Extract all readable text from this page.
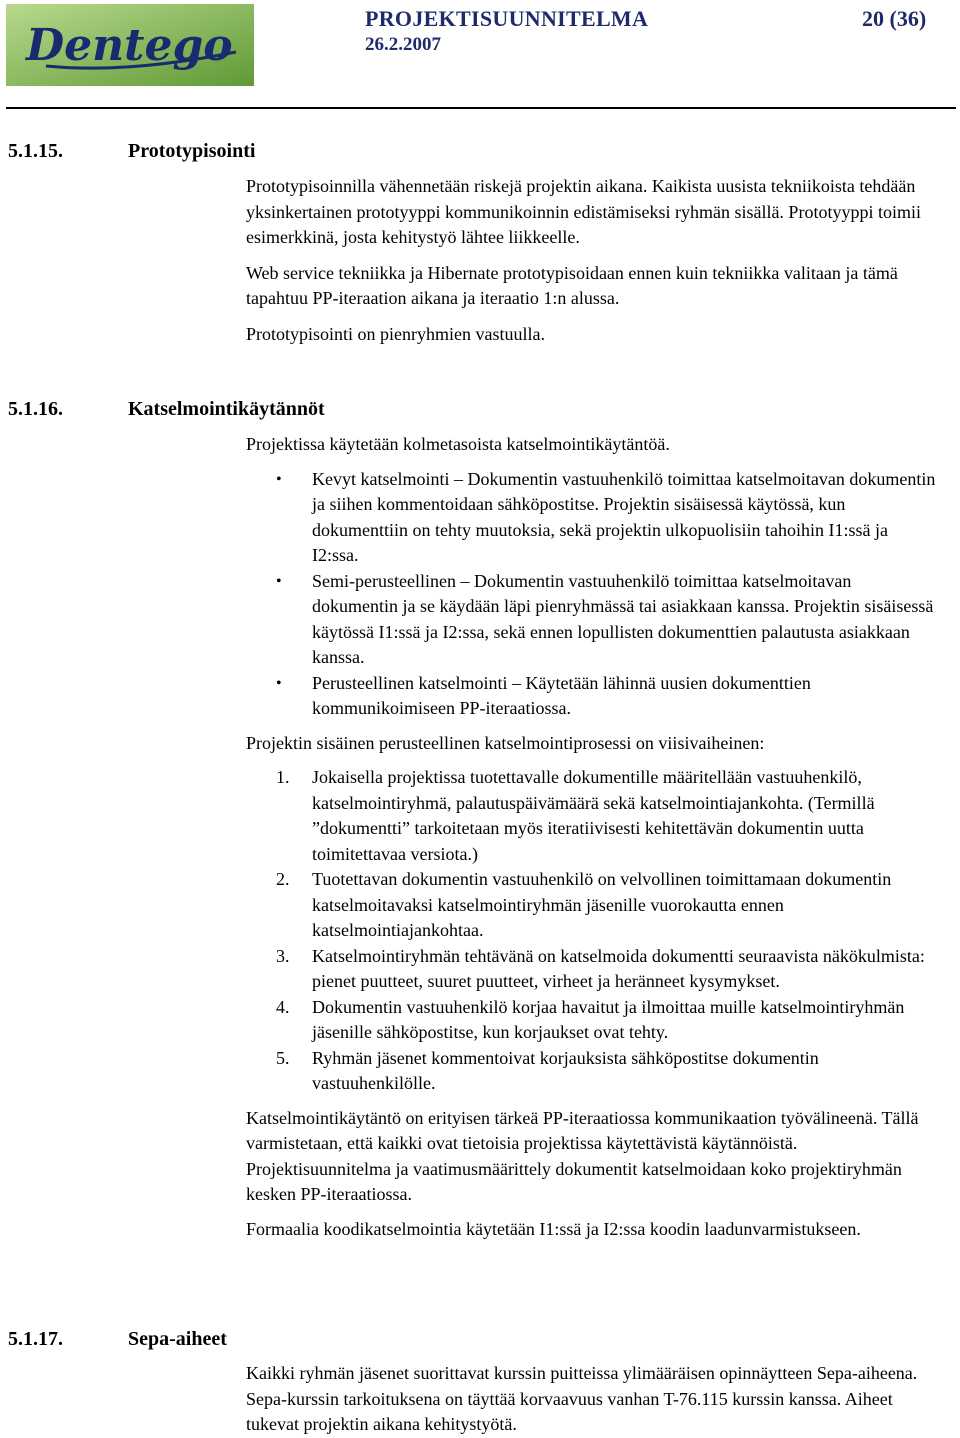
Dentego
PROJEKTISUUNNITELMA
26.2.2007
20 (36)
5.1.15.	Prototypisointi

Prototypisoinnilla vähennetään riskejä projektin aikana. Kaikista uusista tekniikoista tehdään yksinkertainen prototyyppi kommunikoinnin edistämiseksi ryhmän sisällä. Prototyyppi toimii esimerkkinä, josta kehitystyö lähtee liikkeelle.

Web service tekniikka ja Hibernate prototypisoidaan ennen kuin tekniikka valitaan ja tämä tapahtuu PP-iteraation aikana ja iteraatio 1:n alussa.

Prototypisointi on pienryhmien vastuulla.

5.1.16.	Katselmointikäytännöt

Projektissa käytetään kolmetasoista katselmointikäytäntöä.

• Kevyt katselmointi – Dokumentin vastuuhenkilö toimittaa katselmoitavan dokumentin ja siihen kommentoidaan sähköpostitse. Projektin sisäisessä käytössä, kun dokumenttiin on tehty muutoksia, sekä projektin ulkopuolisiin tahoihin I1:ssä ja I2:ssa.
• Semi-perusteellinen – Dokumentin vastuuhenkilö toimittaa katselmoitavan dokumentin ja se käydään läpi pienryhmässä tai asiakkaan kanssa. Projektin sisäisessä käytössä I1:ssä ja I2:ssa, sekä ennen lopullisten dokumenttien palautusta asiakkaan kanssa.
• Perusteellinen katselmointi – Käytetään lähinnä uusien dokumenttien kommunikoimiseen PP-iteraatiossa.

Projektin sisäinen perusteellinen katselmointiprosessi on viisivaiheinen:

1. Jokaisella projektissa tuotettavalle dokumentille määritellään vastuuhenkilö, katselmointiryhmä, palautuspäivämäärä sekä katselmointiajankohta. (Termillä ”dokumentti” tarkoitetaan myös iteratiivisesti kehitettävän dokumentin uutta toimitettavaa versiota.)
2. Tuotettavan dokumentin vastuuhenkilö on velvollinen toimittamaan dokumentin katselmoitavaksi katselmointiryhmän jäsenille vuorokautta ennen katselmointiajankohtaa.
3. Katselmointiryhmän tehtävänä on katselmoida dokumentti seuraavista näkökulmista: pienet puutteet, suuret puutteet, virheet ja heränneet kysymykset.
4. Dokumentin vastuuhenkilö korjaa havaitut ja ilmoittaa muille katselmointiryhmän jäsenille sähköpostitse, kun korjaukset ovat tehty.
5. Ryhmän jäsenet kommentoivat korjauksista sähköpostitse dokumentin vastuuhenkilölle.

Katselmointikäytäntö on erityisen tärkeä PP-iteraatiossa kommunikaation työvälineenä. Tällä varmistetaan, että kaikki ovat tietoisia projektissa käytettävistä käytännöistä. Projektisuunnitelma ja vaatimusmäärittely dokumentit katselmoidaan koko projektiryhmän kesken PP-iteraatiossa.

Formaalia koodikatselmointia käytetään I1:ssä ja I2:ssa koodin laadunvarmistukseen.

5.1.17.	Sepa-aiheet

Kaikki ryhmän jäsenet suorittavat kurssin puitteissa ylimääräisen opinnäytteen Sepa-aiheena. Sepa-kurssin tarkoituksena on täyttää korvaavuus vanhan T-76.115 kurssin kanssa. Aiheet tukevat projektin aikana kehitystyötä.
